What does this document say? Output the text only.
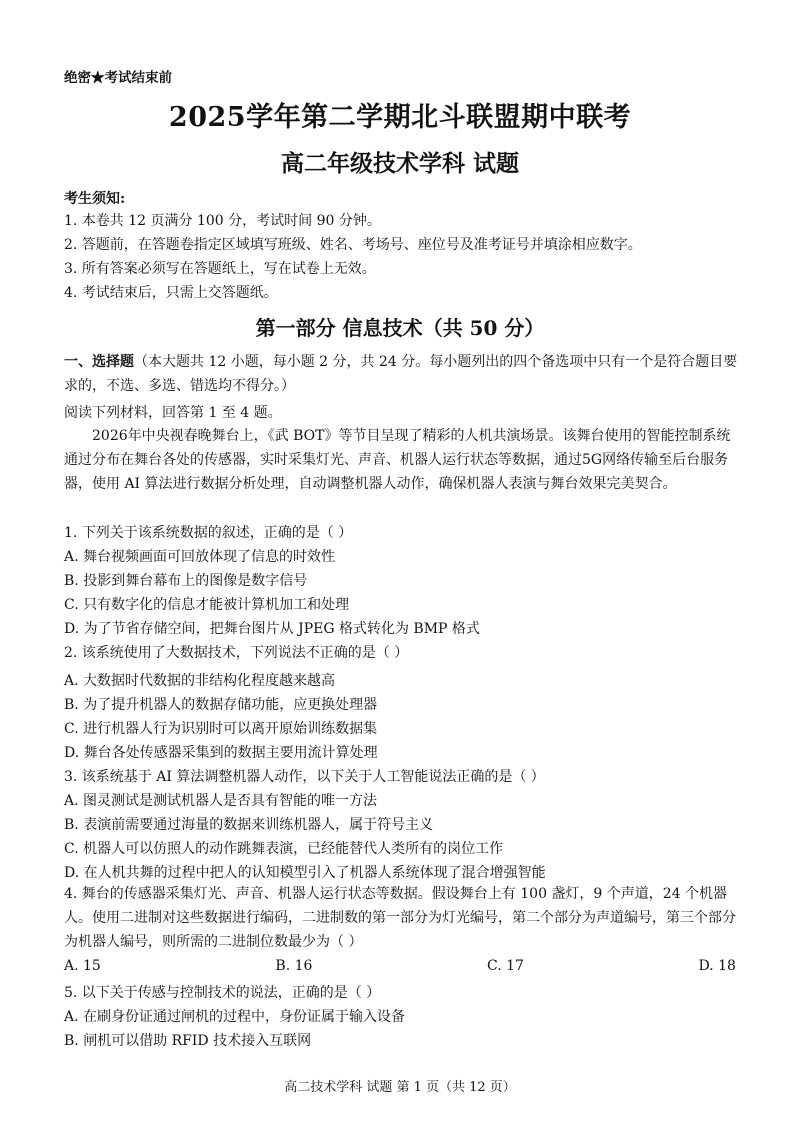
绝密★考试结束前
2025学年第二学期北斗联盟期中联考
高二年级技术学科 试题
考生须知:
1. 本卷共 12 页满分 100 分，考试时间 90 分钟。
2. 答题前，在答题卷指定区域填写班级、姓名、考场号、座位号及准考证号并填涂相应数字。
3. 所有答案必须写在答题纸上，写在试卷上无效。
4. 考试结束后，只需上交答题纸。
第一部分 信息技术（共 50 分）
一、选择题（本大题共 12 小题，每小题 2 分，共 24 分。每小题列出的四个备选项中只有一个是符合题目要求的，不选、多选、错选均不得分。）
阅读下列材料，回答第 1 至 4 题。
2026年中央视春晚舞台上，《武 BOT》等节目呈现了精彩的人机共演场景。该舞台使用的智能控制系统通过分布在舞台各处的传感器，实时采集灯光、声音、机器人运行状态等数据，通过5G网络传输至后台服务器，使用 AI 算法进行数据分析处理，自动调整机器人动作，确保机器人表演与舞台效果完美契合。
1. 下列关于该系统数据的叙述，正确的是（ ）
A. 舞台视频画面可回放体现了信息的时效性
B. 投影到舞台幕布上的图像是数字信号
C. 只有数字化的信息才能被计算机加工和处理
D. 为了节省存储空间，把舞台图片从 JPEG 格式转化为 BMP 格式
2. 该系统使用了大数据技术，下列说法不正确的是（ ）
A. 大数据时代数据的非结构化程度越来越高
B. 为了提升机器人的数据存储功能，应更换处理器
C. 进行机器人行为识别时可以离开原始训练数据集
D. 舞台各处传感器采集到的数据主要用流计算处理
3. 该系统基于 AI 算法调整机器人动作，以下关于人工智能说法正确的是（ ）
A. 图灵测试是测试机器人是否具有智能的唯一方法
B. 表演前需要通过海量的数据来训练机器人，属于符号主义
C. 机器人可以仿照人的动作跳舞表演，已经能替代人类所有的岗位工作
D. 在人机共舞的过程中把人的认知模型引入了机器人系统体现了混合增强智能
4. 舞台的传感器采集灯光、声音、机器人运行状态等数据。假设舞台上有 100 盏灯，9 个声道，24 个机器人。使用二进制对这些数据进行编码，二进制数的第一部分为灯光编号，第二个部分为声道编号，第三个部分为机器人编号，则所需的二进制位数最少为（ ）
A. 15	B. 16	C. 17	D. 18
5. 以下关于传感与控制技术的说法，正确的是（ ）
A. 在刷身份证通过闸机的过程中，身份证属于输入设备
B. 闸机可以借助 RFID 技术接入互联网
高二技术学科 试题 第 1 页（共 12 页）
